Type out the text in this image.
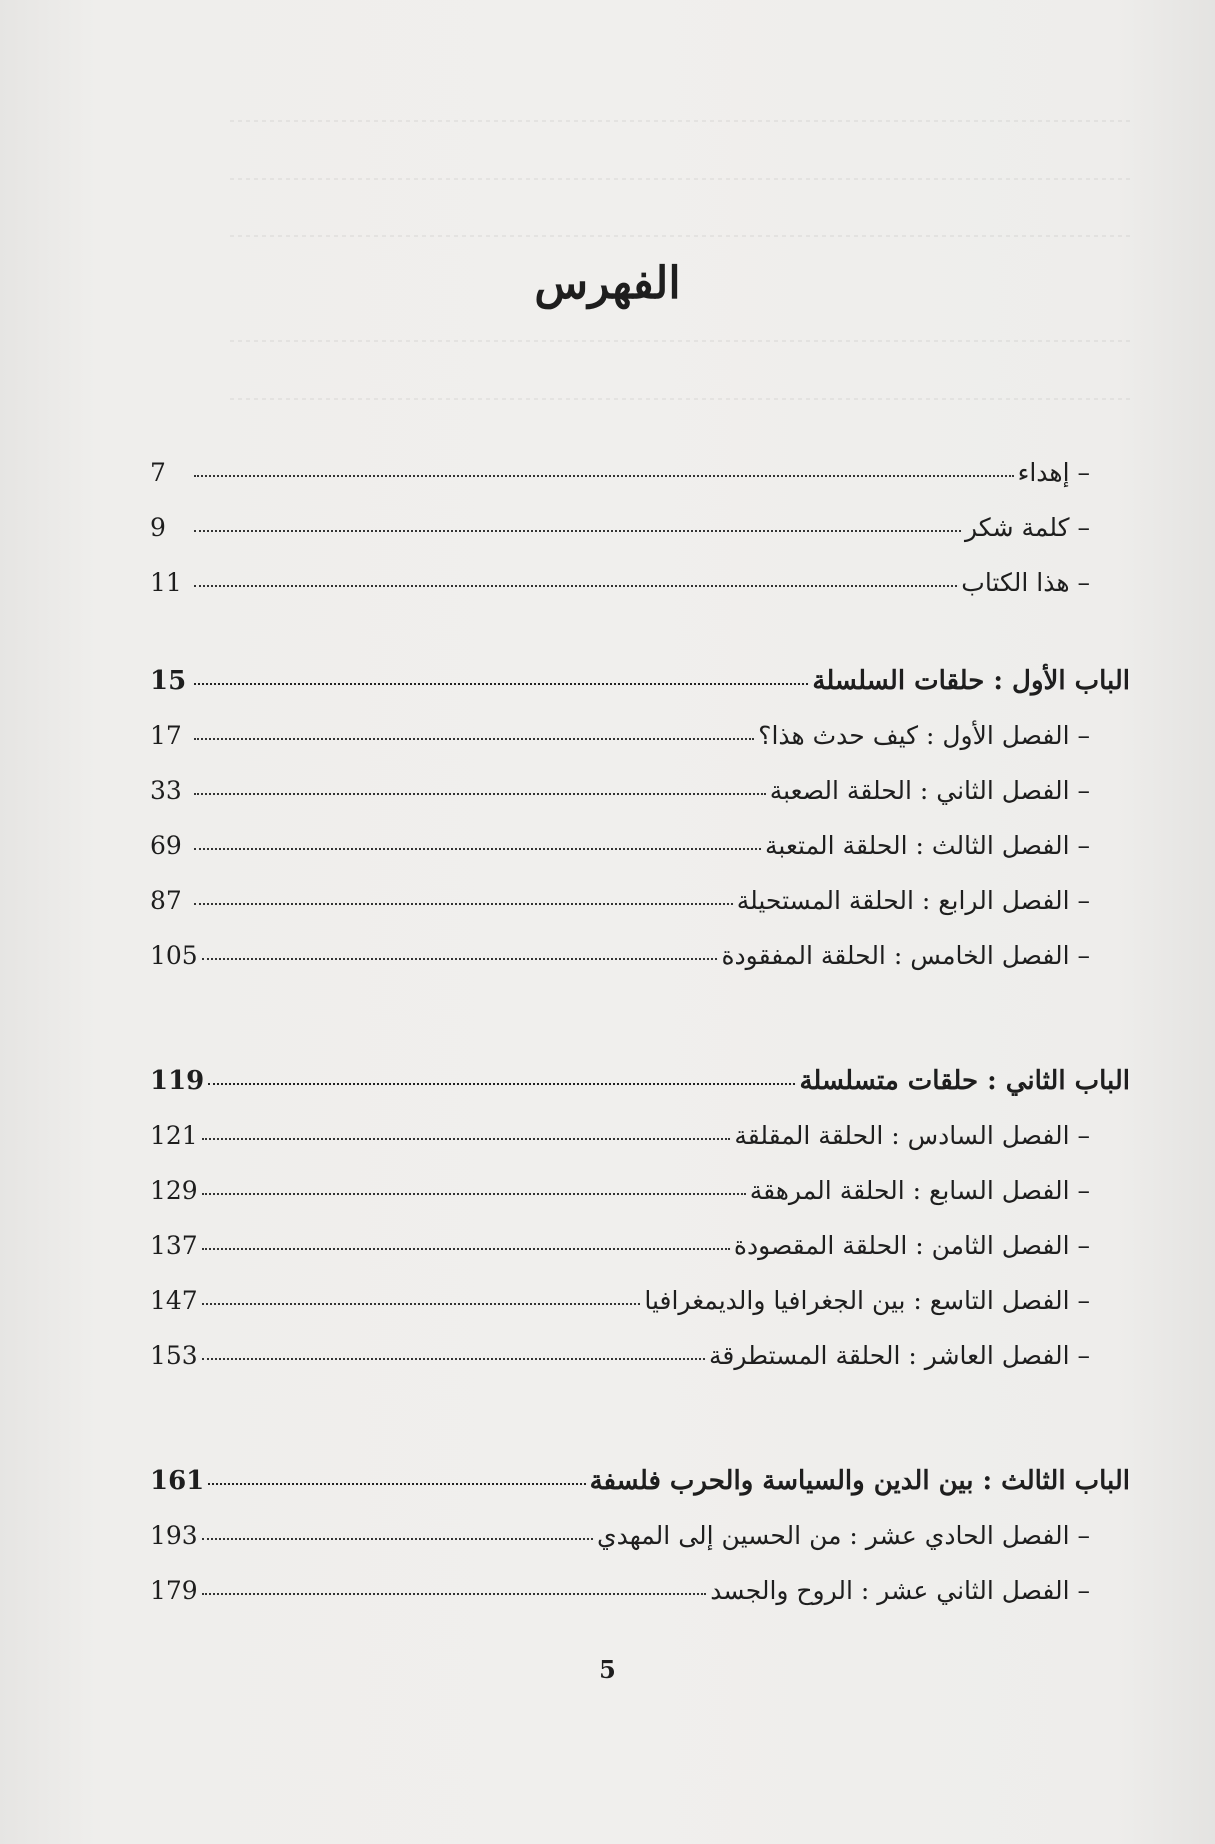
الفهرس
– إهداء
7
– كلمة شكر
9
– هذا الكتاب
11
الباب الأول : حلقات السلسلة
15
– الفصل الأول : كيف حدث هذا؟
17
– الفصل الثاني : الحلقة الصعبة
33
– الفصل الثالث : الحلقة المتعبة
69
– الفصل الرابع : الحلقة المستحيلة
87
– الفصل الخامس : الحلقة المفقودة
105
الباب الثاني : حلقات متسلسلة
119
– الفصل السادس : الحلقة المقلقة
121
– الفصل السابع : الحلقة المرهقة
129
– الفصل الثامن : الحلقة المقصودة
137
– الفصل التاسع : بين الجغرافيا والديمغرافيا
147
– الفصل العاشر : الحلقة المستطرقة
153
الباب الثالث : بين الدين والسياسة والحرب فلسفة
161
– الفصل الحادي عشر : من الحسين إلى المهدي
193
– الفصل الثاني عشر : الروح والجسد
179
5
